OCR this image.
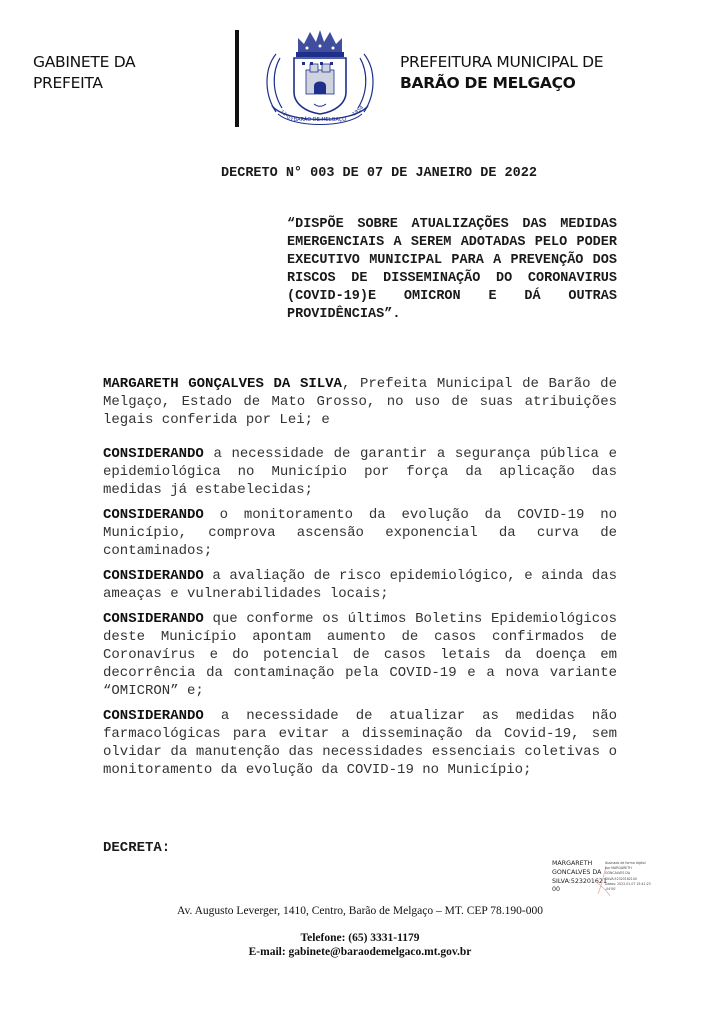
GABINETE DA
PREFEITA
BARÃO DE MELGAÇO
13-03	1954
PREFEITURA MUNICIPAL DE
BARÃO DE MELGAÇO
DECRETO N° 003 DE 07 DE JANEIRO DE 2022
“DISPÕE SOBRE ATUALIZAÇÕES DAS MEDIDAS EMERGENCIAIS A SEREM ADOTADAS PELO PODER EXECUTIVO MUNICIPAL PARA A PREVENÇÃO DOS RISCOS DE DISSEMINAÇÃO DO CORONAVIRUS (COVID-19)E OMICRON E DÁ OUTRAS PROVIDÊNCIAS”.

MARGARETH GONÇALVES DA SILVA, Prefeita Municipal de Barão de Melgaço, Estado de Mato Grosso, no uso de suas atribuições legais conferida por Lei; e

CONSIDERANDO a necessidade de garantir a segurança pública e epidemiológica no Município por força da aplicação das medidas já estabelecidas;

CONSIDERANDO o monitoramento da evolução da COVID-19 no Município, comprova ascensão exponencial da curva de contaminados;

CONSIDERANDO a avaliação de risco epidemiológico, e ainda das ameaças e vulnerabilidades locais;

CONSIDERANDO que conforme os últimos Boletins Epidemiológicos deste Município apontam aumento de casos confirmados de Coronavírus e do potencial de casos letais da doença em decorrência da contaminação pela COVID-19 e a nova variante “OMICRON” e;

CONSIDERANDO a necessidade de atualizar as medidas não farmacológicas para evitar a disseminação da Covid-19, sem olvidar da manutenção das necessidades essenciais coletivas o monitoramento da evolução da COVID-19 no Município;

DECRETA:
MARGARETH
GONCALVES DA
SILVA:523201621
00
Assinado de forma digital
por MARGARETH
GONCALVES DA
SILVA:52320162100
Dados: 2022.01.07 15:41:23
-04'00'
Av. Augusto Leverger, 1410, Centro, Barão de Melgaço – MT. CEP 78.190-000
Telefone: (65) 3331-1179
E-mail: gabinete@baraodemelgaco.mt.gov.br
